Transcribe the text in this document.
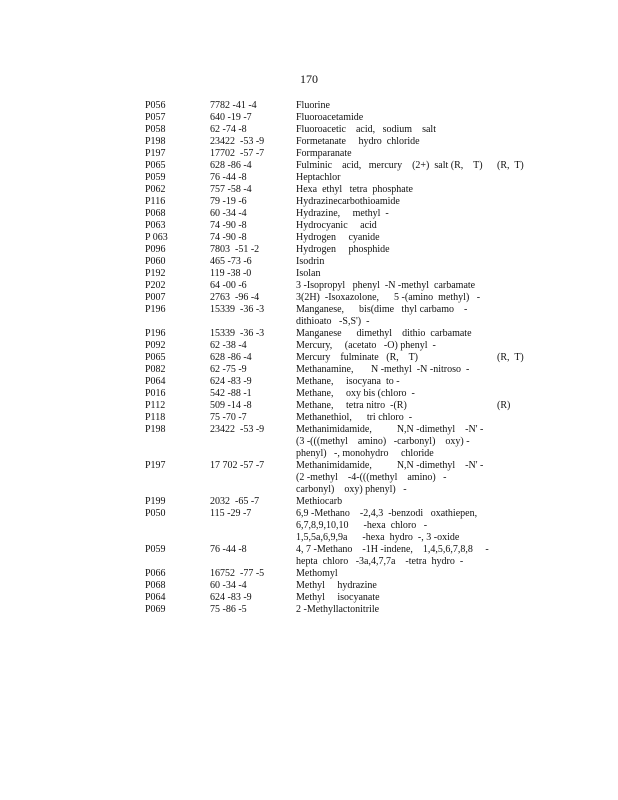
170
P056	7782 -41 -4	Fluorine
P057	640 -19 -7	Fluoroacetamide
P058	62 -74 -8	Fluoroacetic    acid,   sodium    salt
P198	23422  -53 -9	Formetanate     hydro  chloride
P197	17702  -57 -7	Formparanate
P065	628 -86 -4	Fulminic    acid,   mercury    (2+)  salt (R,    T)	(R,  T)
P059	76 -44 -8	Heptachlor
P062	757 -58 -4	Hexa  ethyl   tetra  phosphate
P116	79 -19 -6	Hydrazinecarbothioamide
P068	60 -34 -4	Hydrazine,     methyl  -
P063	74 -90 -8	Hydrocyanic     acid
P 063	74 -90 -8	Hydrogen     cyanide
P096	7803  -51 -2	Hydrogen     phosphide
P060	465 -73 -6	Isodrin
P192	119 -38 -0	Isolan
P202	64 -00 -6	3 -Isopropyl   phenyl  -N -methyl  carbamate
P007	2763  -96 -4	3(2H)  -Isoxazolone,      5 -(amino  methyl)   -
P196	15339  -36 -3	Manganese,      bis(dime   thyl carbamo    -
dithioato   -S,S')  -
P196	15339  -36 -3	Manganese      dimethyl    dithio  carbamate
P092	62 -38 -4	Mercury,     (acetato   -O) phenyl  -
P065	628 -86 -4	Mercury    fulminate   (R,    T)	(R,  T)
P082	62 -75 -9	Methanamine,       N -methyl  -N -nitroso  -
P064	624 -83 -9	Methane,     isocyana  to -
P016	542 -88 -1	Methane,     oxy bis (chloro  -
P112	509 -14 -8	Methane,     tetra nitro  -(R)	(R)
P118	75 -70 -7	Methanethiol,      tri chloro  -
P198	23422  -53 -9	Methanimidamide,          N,N -dimethyl    -N' -
(3 -(((methyl    amino)   -carbonyl)    oxy) -
phenyl)   -, monohydro     chloride
P197	17 702 -57 -7	Methanimidamide,          N,N -dimethyl    -N' -
(2 -methyl    -4-(((methyl    amino)   -
carbonyl)    oxy) phenyl)   -
P199	2032  -65 -7	Methiocarb
P050	115 -29 -7	6,9 -Methano    -2,4,3  -benzodi   oxathiepen,
6,7,8,9,10,10      -hexa  chloro   -
1,5,5a,6,9,9a      -hexa  hydro  -, 3 -oxide
P059	76 -44 -8	4, 7 -Methano    -1H -indene,    1,4,5,6,7,8,8     -
hepta  chloro   -3a,4,7,7a    -tetra  hydro  -
P066	16752  -77 -5	Methomyl
P068	60 -34 -4	Methyl     hydrazine
P064	624 -83 -9	Methyl     isocyanate
P069	75 -86 -5	2 -Methyllactonitrile
